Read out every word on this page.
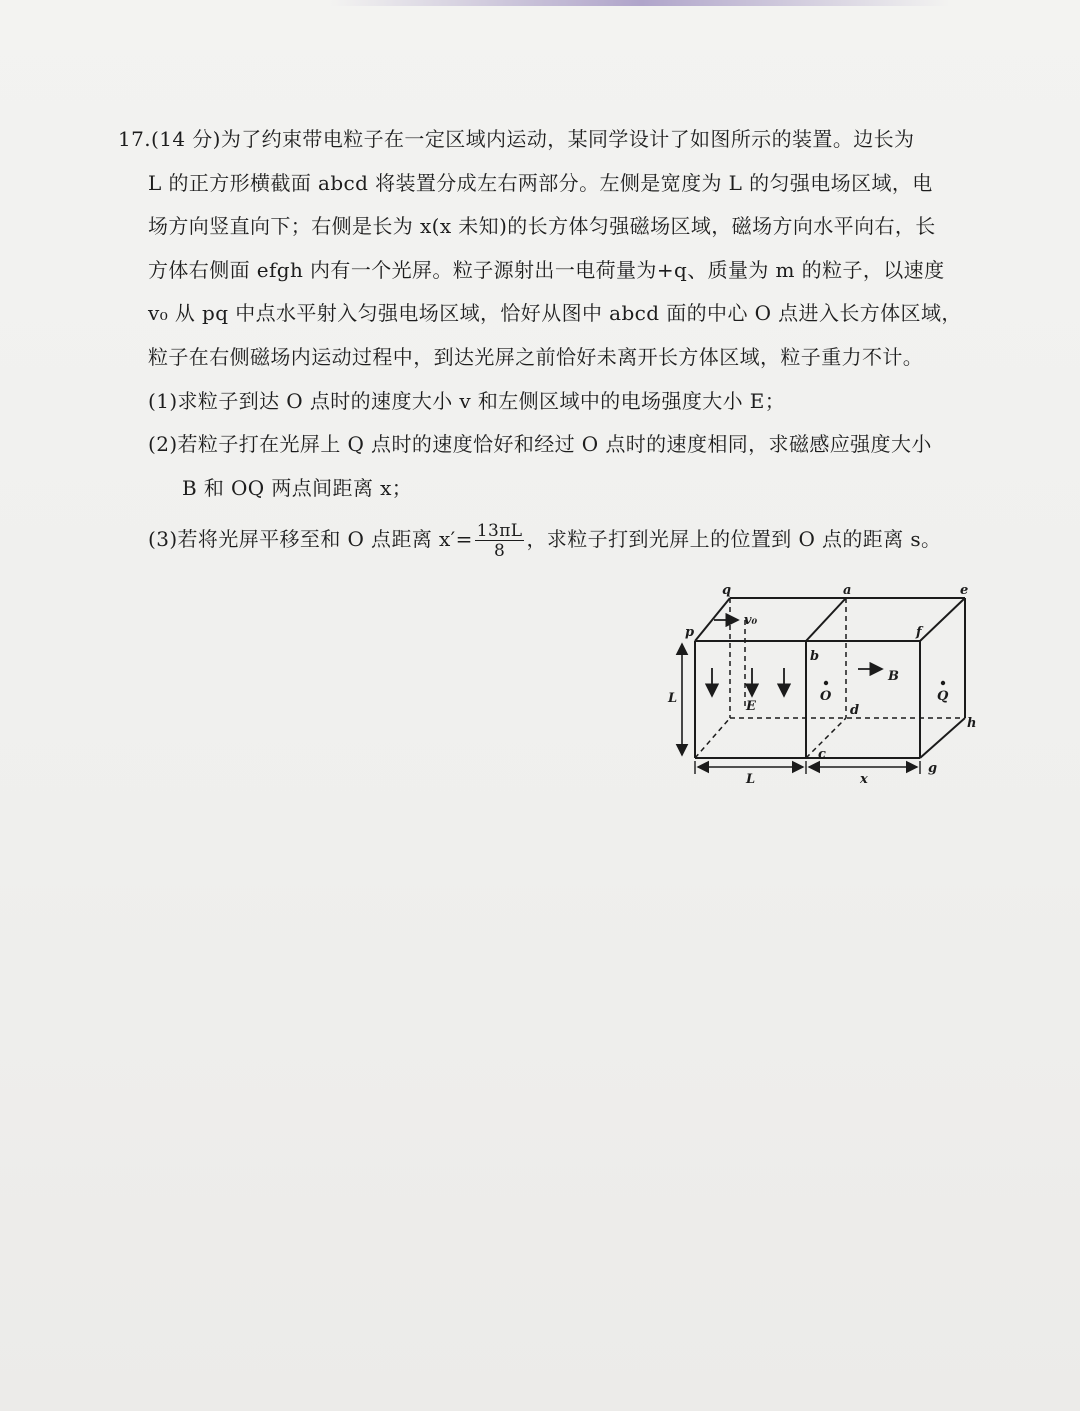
17.(14 分)为了约束带电粒子在一定区域内运动，某同学设计了如图所示的装置。边长为
L 的正方形横截面 abcd 将装置分成左右两部分。左侧是宽度为 L 的匀强电场区域，电
场方向竖直向下；右侧是长为 x(x 未知)的长方体匀强磁场区域，磁场方向水平向右，长
方体右侧面 efgh 内有一个光屏。粒子源射出一电荷量为+q、质量为 m 的粒子，以速度
v₀ 从 pq 中点水平射入匀强电场区域，恰好从图中 abcd 面的中心 O 点进入长方体区域，
粒子在右侧磁场内运动过程中，到达光屏之前恰好未离开长方体区域，粒子重力不计。
(1)求粒子到达 O 点时的速度大小 v 和左侧区域中的电场强度大小 E；
(2)若粒子打在光屏上 Q 点时的速度恰好和经过 O 点时的速度相同，求磁感应强度大小
B 和 OQ 两点间距离 x；
(3)若将光屏平移至和 O 点距离 $x'= \frac{13\pi L}{8}$ ，求粒子打到光屏上的位置到 O 点的距离 s。
q	a	e
p	f
b
v₀
E
B
O	Q
d
h
c
g
L
L	x
